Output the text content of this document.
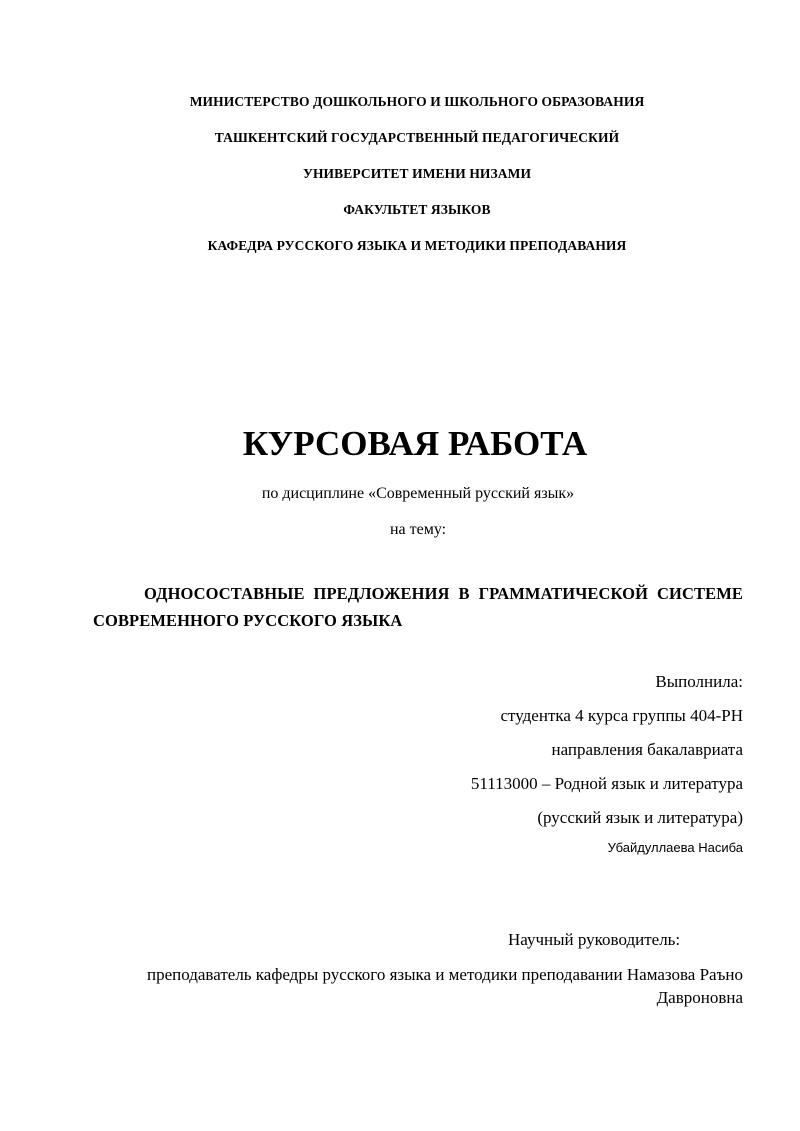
МИНИСТЕРСТВО ДОШКОЛЬНОГО И ШКОЛЬНОГО ОБРАЗОВАНИЯ
ТАШКЕНТСКИЙ ГОСУДАРСТВЕННЫЙ ПЕДАГОГИЧЕСКИЙ
УНИВЕРСИТЕТ ИМЕНИ НИЗАМИ
ФАКУЛЬТЕТ ЯЗЫКОВ
КАФЕДРА РУССКОГО ЯЗЫКА И МЕТОДИКИ ПРЕПОДАВАНИЯ
КУРСОВАЯ РАБОТА
по дисциплине «Современный русский язык»
на тему:
ОДНОСОСТАВНЫЕ ПРЕДЛОЖЕНИЯ В ГРАММАТИЧЕСКОЙ СИСТЕМЕ СОВРЕМЕННОГО РУССКОГО ЯЗЫКА
Выполнила:
студентка 4 курса группы 404-РН
направления бакалавриата
51113000 – Родной язык и литература
(русский язык и литература)
Убайдуллаева Насиба
Научный руководитель:
преподаватель кафедры русского языка и методики преподавании Намазова Раъно Давроновна
